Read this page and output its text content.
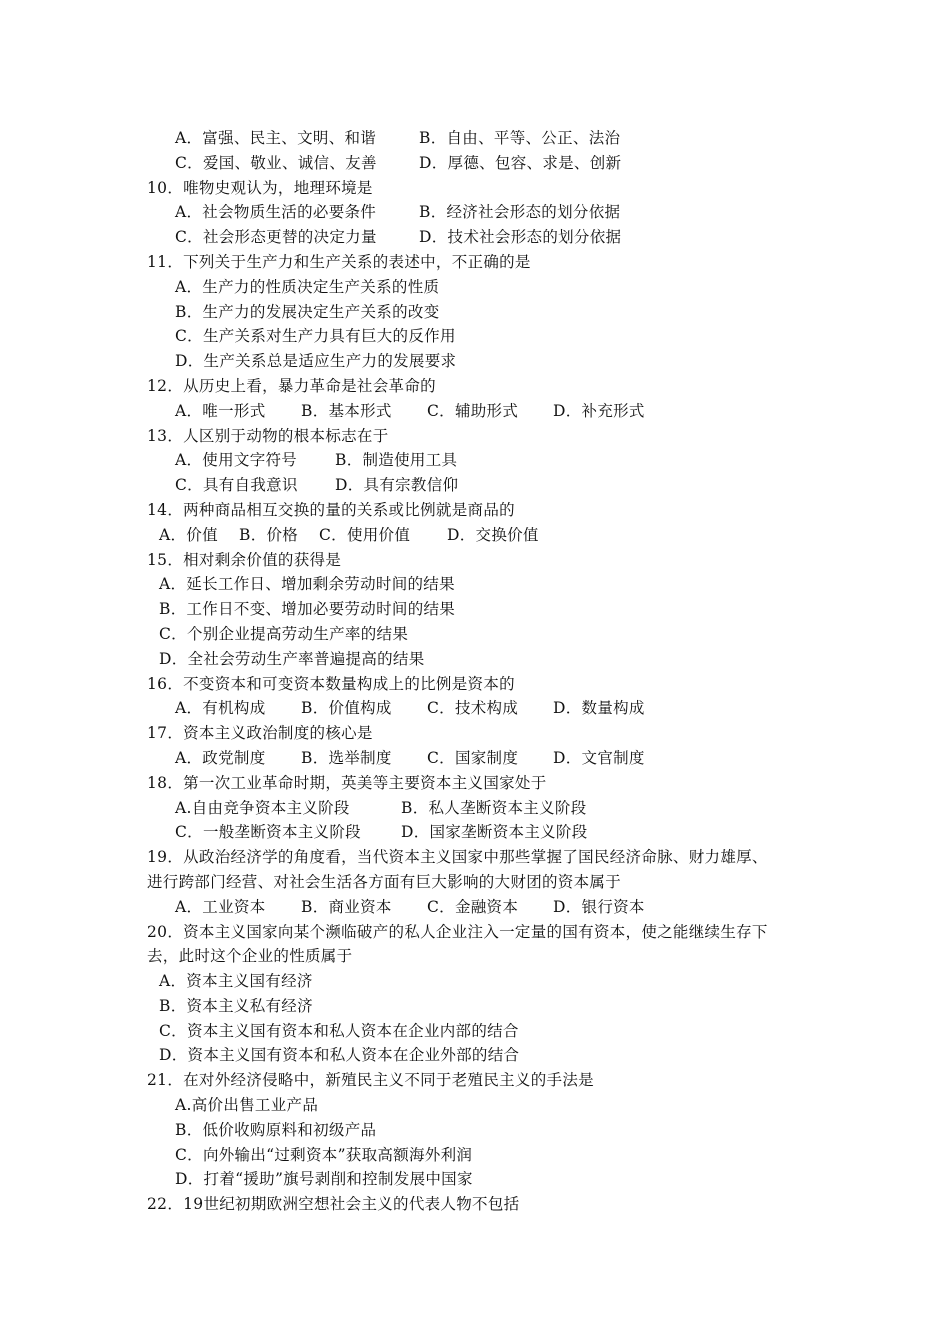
A．富强、民主、文明、和谐	B．自由、平等、公正、法治
C．爱国、敬业、诚信、友善	D．厚德、包容、求是、创新
10．唯物史观认为，地理环境是
A．社会物质生活的必要条件	B．经济社会形态的划分依据
C．社会形态更替的决定力量	D．技术社会形态的划分依据
11．下列关于生产力和生产关系的表述中，不正确的是
A．生产力的性质决定生产关系的性质
B．生产力的发展决定生产关系的改变
C．生产关系对生产力具有巨大的反作用
D．生产关系总是适应生产力的发展要求
12．从历史上看，暴力革命是社会革命的
A．唯一形式	B．基本形式	C．辅助形式	D．补充形式
13．人区别于动物的根本标志在于
A．使用文字符号	B．制造使用工具
C．具有自我意识	D．具有宗教信仰
14．两种商品相互交换的量的关系或比例就是商品的
A．价值	B．价格	C．使用价值	D．交换价值
15．相对剩余价值的获得是
A．延长工作日、增加剩余劳动时间的结果
B．工作日不变、增加必要劳动时间的结果
C．个别企业提高劳动生产率的结果
D．全社会劳动生产率普遍提高的结果
16．不变资本和可变资本数量构成上的比例是资本的
A．有机构成	B．价值构成	C．技术构成	D．数量构成
17．资本主义政治制度的核心是
A．政党制度	B．选举制度	C．国家制度	D．文官制度
18．第一次工业革命时期，英美等主要资本主义国家处于
A.自由竞争资本主义阶段	B．私人垄断资本主义阶段
C．一般垄断资本主义阶段	D．国家垄断资本主义阶段
19．从政治经济学的角度看，当代资本主义国家中那些掌握了国民经济命脉、财力雄厚、
进行跨部门经营、对社会生活各方面有巨大影响的大财团的资本属于
A．工业资本	B．商业资本	C．金融资本	D．银行资本
20．资本主义国家向某个濒临破产的私人企业注入一定量的国有资本，使之能继续生存下
去，此时这个企业的性质属于
A．资本主义国有经济
B．资本主义私有经济
C．资本主义国有资本和私人资本在企业内部的结合
D．资本主义国有资本和私人资本在企业外部的结合
21．在对外经济侵略中，新殖民主义不同于老殖民主义的手法是
A.高价出售工业产品
B．低价收购原料和初级产品
C．向外输出“过剩资本”获取高额海外利润
D．打着“援助”旗号剥削和控制发展中国家
22．19世纪初期欧洲空想社会主义的代表人物不包括
